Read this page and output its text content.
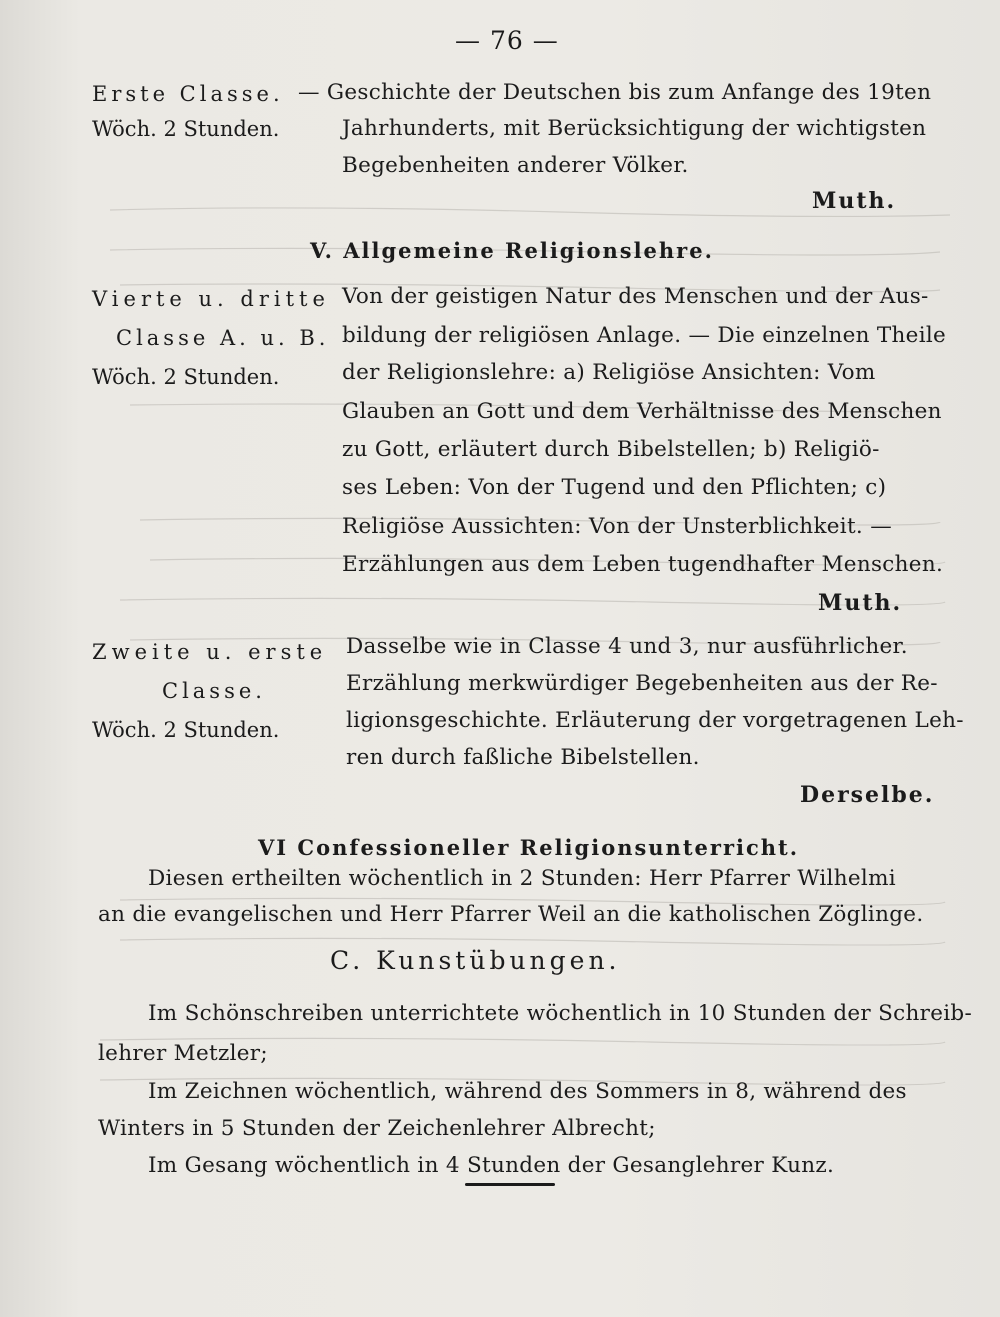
— 76 —
Erste Classe.
Wöch. 2 Stunden.
— Geschichte der Deutschen bis zum Anfange des 19ten
Jahrhunderts, mit Berücksichtigung der wichtigsten
Begebenheiten anderer Völker.
Muth.
V. Allgemeine Religionslehre.
Vierte u. dritte
Classe A. u. B.
Wöch. 2 Stunden.
Von der geistigen Natur des Menschen und der Aus-
bildung der religiösen Anlage. — Die einzelnen Theile
der Religionslehre: a) Religiöse Ansichten: Vom
Glauben an Gott und dem Verhältnisse des Menschen
zu Gott, erläutert durch Bibelstellen; b) Religiö-
ses Leben: Von der Tugend und den Pflichten; c)
Religiöse Aussichten: Von der Unsterblichkeit. —
Erzählungen aus dem Leben tugendhafter Menschen.
Muth.
Zweite u. erste
Classe.
Wöch. 2 Stunden.
Dasselbe wie in Classe 4 und 3, nur ausführlicher.
Erzählung merkwürdiger Begebenheiten aus der Re-
ligionsgeschichte. Erläuterung der vorgetragenen Leh-
ren durch faßliche Bibelstellen.
Derselbe.
VI Confessioneller Religionsunterricht.
Diesen ertheilten wöchentlich in 2 Stunden: Herr Pfarrer Wilhelmi
an die evangelischen und Herr Pfarrer Weil an die katholischen Zöglinge.
C. Kunstübungen.
Im Schönschreiben unterrichtete wöchentlich in 10 Stunden der Schreib-
lehrer Metzler;
Im Zeichnen wöchentlich, während des Sommers in 8, während des
Winters in 5 Stunden der Zeichenlehrer Albrecht;
Im Gesang wöchentlich in 4 Stunden der Gesanglehrer Kunz.
